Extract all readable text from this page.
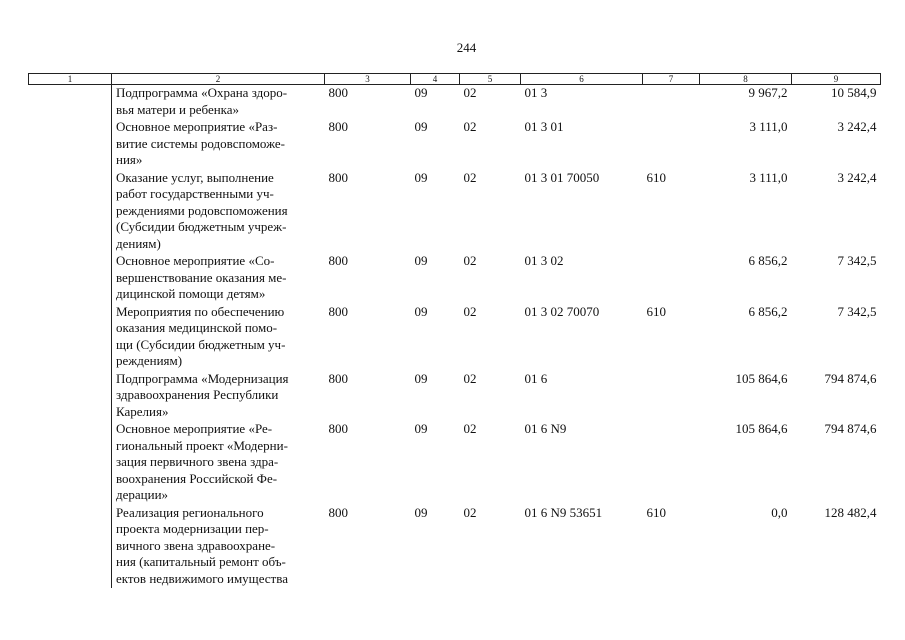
244
1	2	3	4	5	6	7	8	9
	Подпрограмма «Охрана здоро-
вья матери и ребенка»	800	09	02	01 3		9 967,2	10 584,9
	Основное мероприятие «Раз-
витие системы родовспоможе-
ния»	800	09	02	01 3 01		3 111,0	3 242,4
	Оказание услуг, выполнение
работ государственными уч-
реждениями родовспоможения
(Субсидии бюджетным учреж-
дениям)	800	09	02	01 3 01 70050	610	3 111,0	3 242,4
	Основное мероприятие «Со-
вершенствование оказания ме-
дицинской помощи детям»	800	09	02	01 3 02		6 856,2	7 342,5
	Мероприятия по обеспечению
оказания медицинской помо-
щи (Субсидии бюджетным уч-
реждениям)	800	09	02	01 3 02 70070	610	6 856,2	7 342,5
	Подпрограмма «Модернизация
здравоохранения Республики
Карелия»	800	09	02	01 6		105 864,6	794 874,6
	Основное мероприятие «Ре-
гиональный проект «Модерни-
зация первичного звена здра-
воохранения Российской Фе-
дерации»	800	09	02	01 6 N9		105 864,6	794 874,6
	Реализация регионального
проекта модернизации пер-
вичного звена здравоохране-
ния (капитальный ремонт объ-
ектов недвижимого имущества	800	09	02	01 6 N9 53651	610	0,0	128 482,4
